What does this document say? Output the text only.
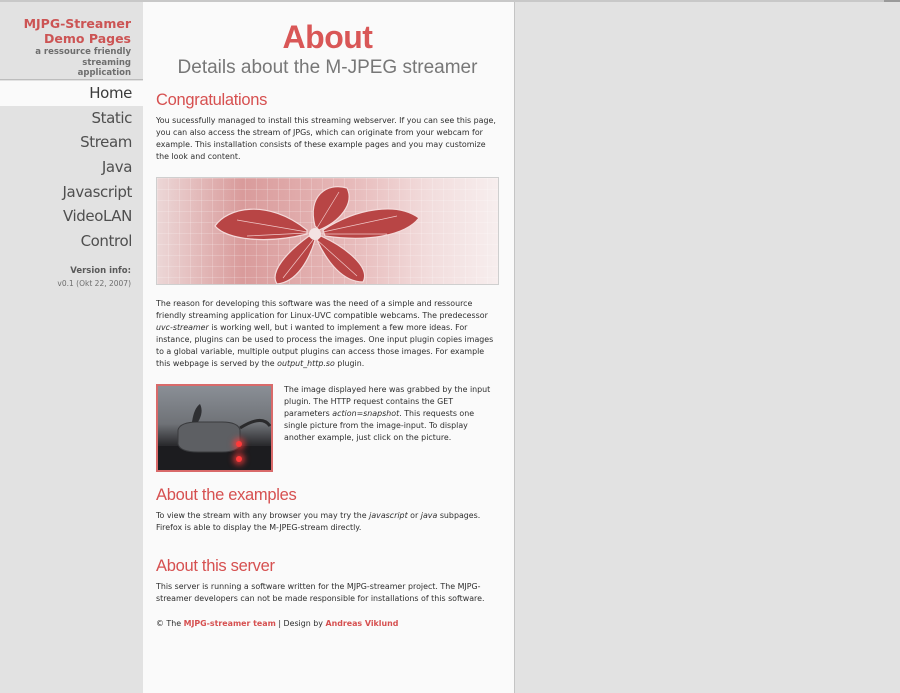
MJPG-Streamer
Demo Pages
a ressource friendly streaming
application
Home
Static
Stream
Java
Javascript
VideoLAN
Control
Version info:
v0.1 (Okt 22, 2007)
About
Details about the M-JPEG streamer
Congratulations

You sucessfully managed to install this streaming webserver. If you can see this page, you can also access the stream of JPGs, which can originate from your webcam for example. This installation consists of these example pages and you may customize the look and content.

The reason for developing this software was the need of a simple and ressource friendly streaming application for Linux-UVC compatible webcams. The predecessor uvc-streamer is working well, but i wanted to implement a few more ideas. For instance, plugins can be used to process the images. One input plugin copies images to a global variable, multiple output plugins can access those images. For example this webpage is served by the output_http.so plugin.

The image displayed here was grabbed by the input plugin. The HTTP request contains the GET parameters action=snapshot. This requests one single picture from the image-input. To display another example, just click on the picture.

About the examples

To view the stream with any browser you may try the javascript or java subpages. Firefox is able to display the M-JPEG-stream directly.

About this server

This server is running a software written for the MJPG-streamer project. The MJPG-streamer developers can not be made responsible for installations of this software.

© The MJPG-streamer team | Design by Andreas Viklund
